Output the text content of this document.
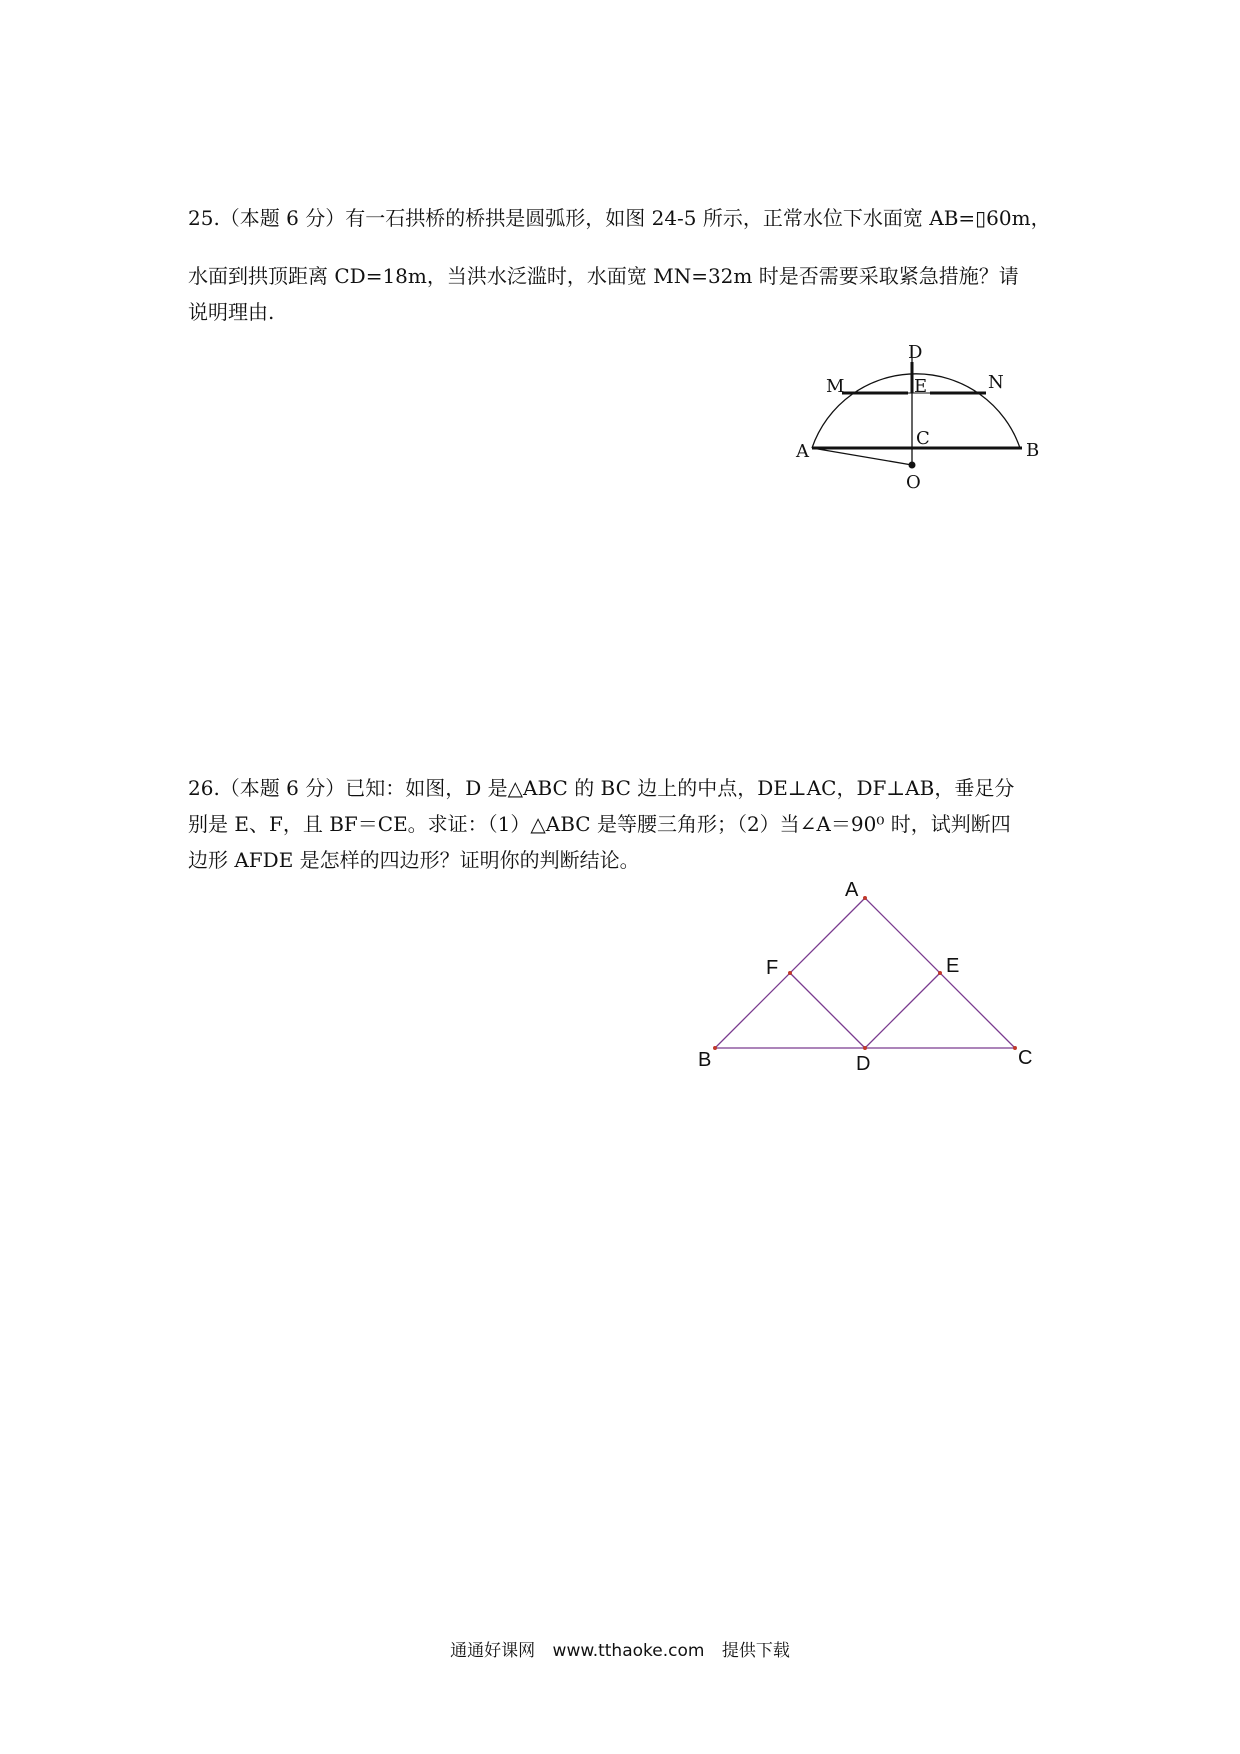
25.（本题 6 分）有一石拱桥的桥拱是圆弧形，如图 24-5 所示，正常水位下水面宽 AB=▯60m，
水面到拱顶距离 CD=18m，当洪水泛滥时，水面宽 MN=32m 时是否需要采取紧急措施？请
说明理由.
D
M	E	N
C
A	B
O
26.（本题 6 分）已知：如图，D 是△ABC 的 BC 边上的中点，DE⊥AC，DF⊥AB，垂足分
别是 E、F，且 BF＝CE。求证：（1）△ABC 是等腰三角形；（2）当∠A＝90⁰ 时，试判断四
边形 AFDE 是怎样的四边形？证明你的判断结论。
A
F	E
B	D	C
通通好课网 www.tthaoke.com 提供下载
